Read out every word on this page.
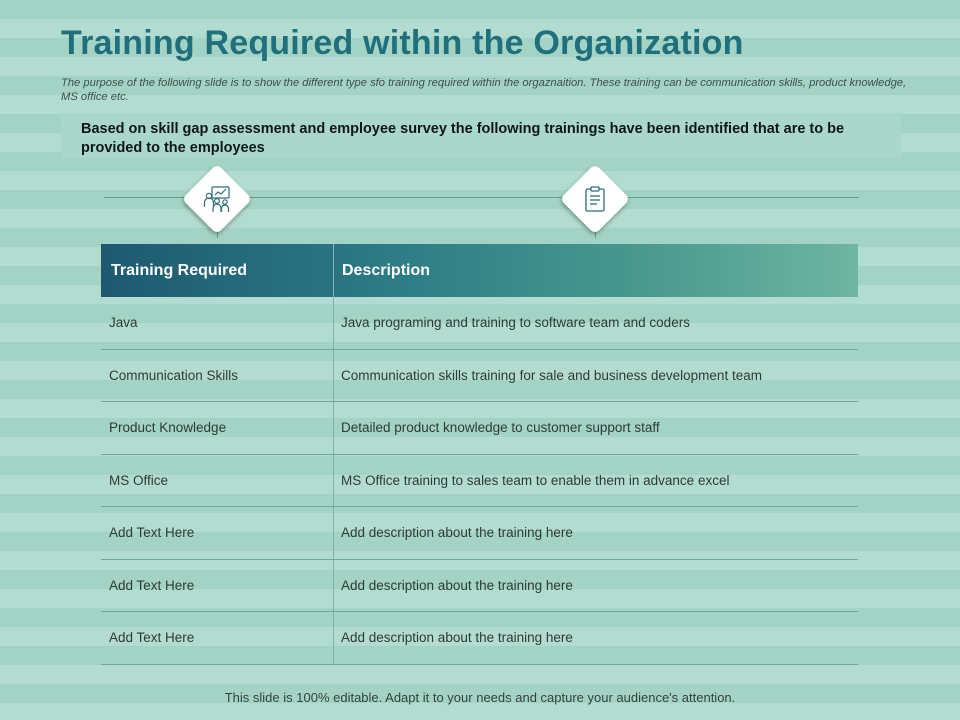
Training Required within the Organization
The purpose of the following slide is to show the different type sfo training required within the orgaznaition. These training can be communication skills, product knowledge, MS office etc.
Based on skill gap assessment and employee survey the following trainings have been identified that are to be provided to the employees
Training Required	Description
Java	Java programing and training to software team and coders
Communication Skills	Communication skills training for sale and business development team
Product Knowledge	Detailed product knowledge to customer support staff
MS Office	MS Office training to sales team to enable them in advance excel
Add Text Here	Add description about the training here
Add Text Here	Add description about the training here
Add Text Here	Add description about the training here
This slide is 100% editable. Adapt it to your needs and capture your audience's attention.
